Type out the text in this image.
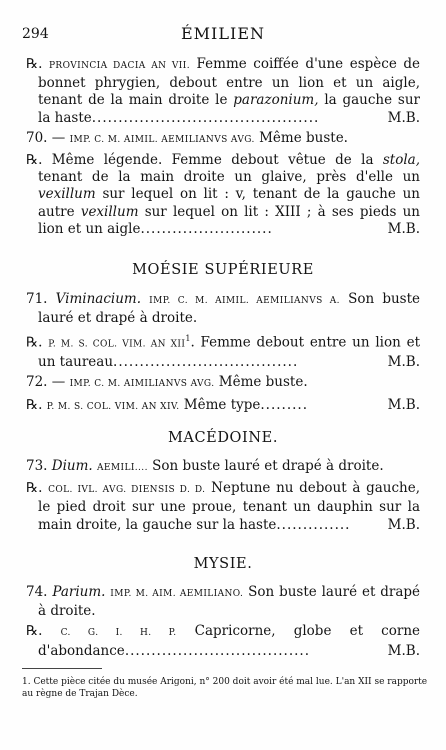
294	ÉMILIEN

℞. PROVINCIA DACIA AN VII. Femme coiffée d'une espèce de bonnet phrygien, debout entre un lion et un aigle, tenant de la main droite le parazonium, la gauche sur la haste...........................................	M.B.

70. — IMP. C. M. AIMIL. AEMILIANVS AVG. Même buste.

℞. Même légende. Femme debout vêtue de la stola, tenant de la main droite un glaive, près d'elle un vexillum sur lequel on lit : v, tenant de la gauche un autre vexillum sur lequel on lit : XIII ; à ses pieds un lion et un aigle.........................	M.B.

MOÉSIE SUPÉRIEURE

71. Viminacium. IMP. C. M. AIMIL. AEMILIANVS A. Son buste lauré et drapé à droite.

℞. P. M. S. COL. VIM. AN XII$^1$. Femme debout entre un lion et un taureau...................................	M.B.

72. — IMP. C. M. AIMILIANVS AVG. Même buste.

℞. P. M. S. COL. VIM. AN XIV. Même type.........	M.B.

MACÉDOINE.

73. Dium. AEMILI.... Son buste lauré et drapé à droite.

℞. COL. IVL. AVG. DIENSIS D. D. Neptune nu debout à gauche, le pied droit sur une proue, tenant un dauphin sur la main droite, la gauche sur la haste..............	M.B.

MYSIE.

74. Parium. IMP. M. AIM. AEMILIANO. Son buste lauré et drapé à droite.

℞. C. G. I. H. P. Capricorne, globe et corne d'abondance...................................	M.B.

1. Cette pièce citée du musée Arigoni, n° 200 doit avoir été mal lue. L'an XII se rapporte au règne de Trajan Dèce.
